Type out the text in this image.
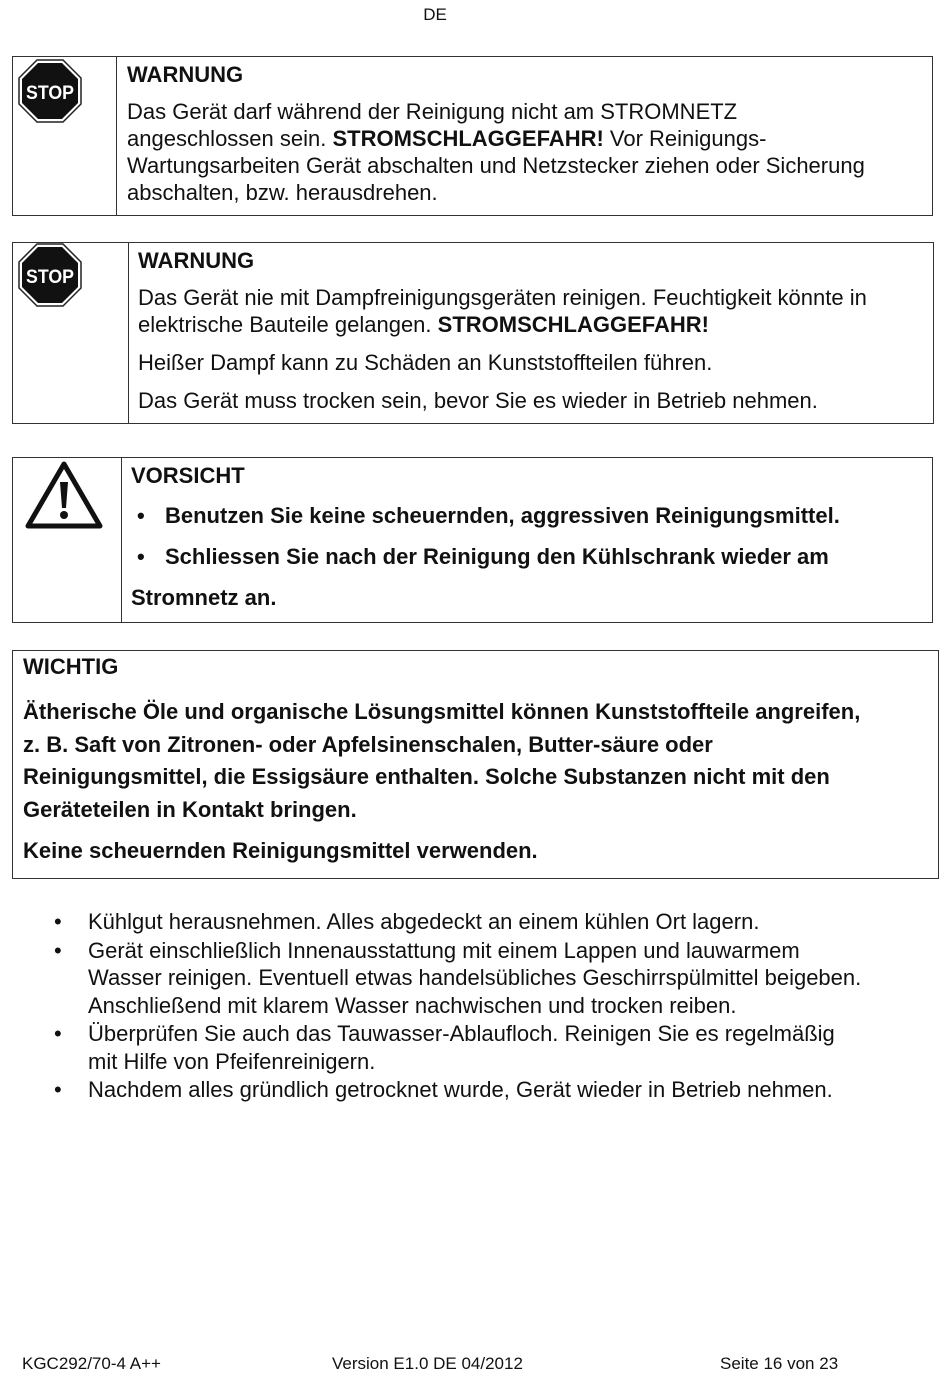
DE
STOP
WARNUNG
Das Gerät darf während der Reinigung nicht am STROMNETZ
angeschlossen sein. STROMSCHLAGGEFAHR! Vor Reinigungs-
Wartungsarbeiten Gerät abschalten und Netzstecker ziehen oder Sicherung
abschalten, bzw. herausdrehen.
STOP
WARNUNG
Das Gerät nie mit Dampfreinigungsgeräten reinigen. Feuchtigkeit könnte in
elektrische Bauteile gelangen. STROMSCHLAGGEFAHR!
Heißer Dampf kann zu Schäden an Kunststoffteilen führen.
Das Gerät muss trocken sein, bevor Sie es wieder in Betrieb nehmen.
VORSICHT
• Benutzen Sie keine scheuernden, aggressiven Reinigungsmittel.
• Schliessen Sie nach der Reinigung den Kühlschrank wieder am
Stromnetz an.
WICHTIG
Ätherische Öle und organische Lösungsmittel können Kunststoffteile angreifen,
z. B. Saft von Zitronen- oder Apfelsinenschalen, Butter-säure oder
Reinigungsmittel, die Essigsäure enthalten. Solche Substanzen nicht mit den
Geräteteilen in Kontakt bringen.
Keine scheuernden Reinigungsmittel verwenden.
• Kühlgut herausnehmen. Alles abgedeckt an einem kühlen Ort lagern.
• Gerät einschließlich Innenausstattung mit einem Lappen und lauwarmem
Wasser reinigen. Eventuell etwas handelsübliches Geschirrspülmittel beigeben.
Anschließend mit klarem Wasser nachwischen und trocken reiben.
• Überprüfen Sie auch das Tauwasser-Ablaufloch. Reinigen Sie es regelmäßig
mit Hilfe von Pfeifenreinigern.
• Nachdem alles gründlich getrocknet wurde, Gerät wieder in Betrieb nehmen.
KGC292/70-4 A++	Version E1.0 DE 04/2012	Seite 16 von 23
